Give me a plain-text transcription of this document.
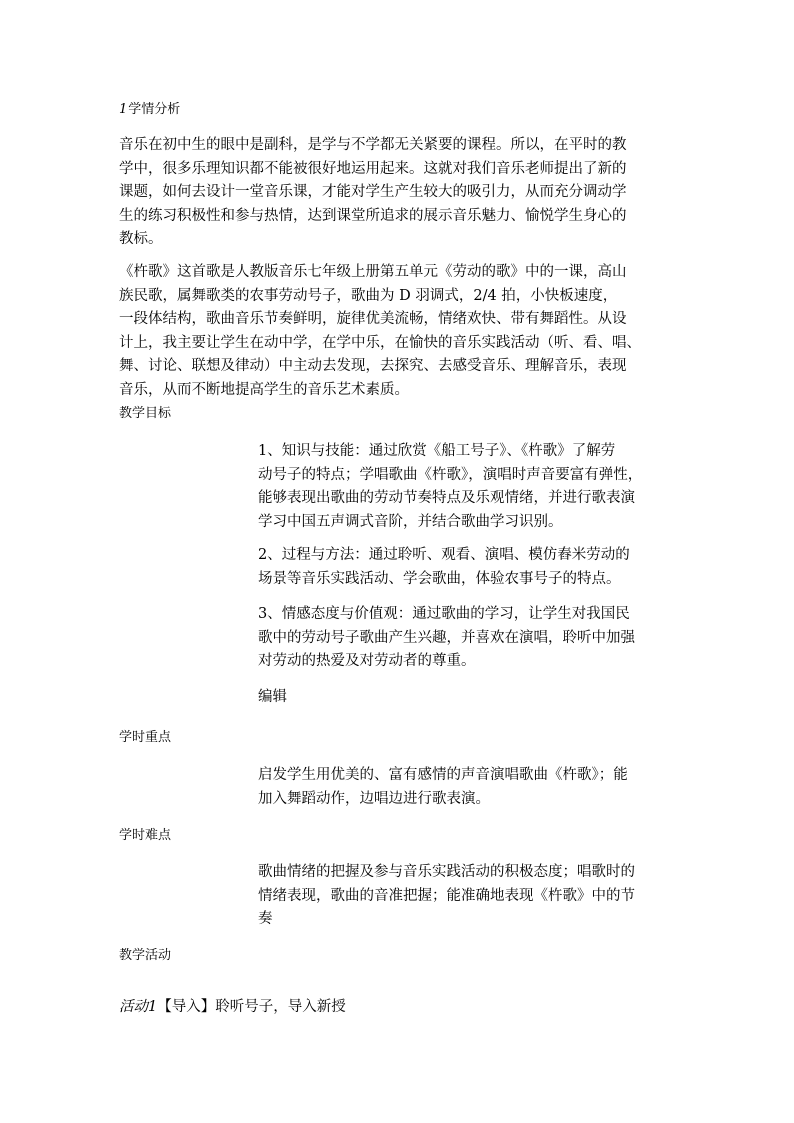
1学情分析
音乐在初中生的眼中是副科，是学与不学都无关紧要的课程。所以，在平时的教
学中，很多乐理知识都不能被很好地运用起来。这就对我们音乐老师提出了新的
课题，如何去设计一堂音乐课，才能对学生产生较大的吸引力，从而充分调动学
生的练习积极性和参与热情，达到课堂所追求的展示音乐魅力、愉悦学生身心的
教标。
《杵歌》这首歌是人教版音乐七年级上册第五单元《劳动的歌》中的一课，高山
族民歌，属舞歌类的农事劳动号子，歌曲为 D 羽调式，2/4 拍，小快板速度，
一段体结构，歌曲音乐节奏鲜明，旋律优美流畅，情绪欢快、带有舞蹈性。从设
计上，我主要让学生在动中学，在学中乐，在愉快的音乐实践活动（听、看、唱、
舞、讨论、联想及律动）中主动去发现，去探究、去感受音乐、理解音乐，表现
音乐，从而不断地提高学生的音乐艺术素质。
教学目标
1、知识与技能：通过欣赏《船工号子》、《杵歌》了解劳
动号子的特点；学唱歌曲《杵歌》，演唱时声音要富有弹性，
能够表现出歌曲的劳动节奏特点及乐观情绪，并进行歌表演
学习中国五声调式音阶，并结合歌曲学习识别。
2、过程与方法：通过聆听、观看、演唱、模仿舂米劳动的
场景等音乐实践活动、学会歌曲，体验农事号子的特点。
3、情感态度与价值观：通过歌曲的学习，让学生对我国民
歌中的劳动号子歌曲产生兴趣，并喜欢在演唱，聆听中加强
对劳动的热爱及对劳动者的尊重。
编辑
学时重点
启发学生用优美的、富有感情的声音演唱歌曲《杵歌》；能
加入舞蹈动作，边唱边进行歌表演。
学时难点
歌曲情绪的把握及参与音乐实践活动的积极态度；唱歌时的
情绪表现，歌曲的音准把握；能准确地表现《杵歌》中的节
奏
教学活动
活动1【导入】聆听号子，导入新授
